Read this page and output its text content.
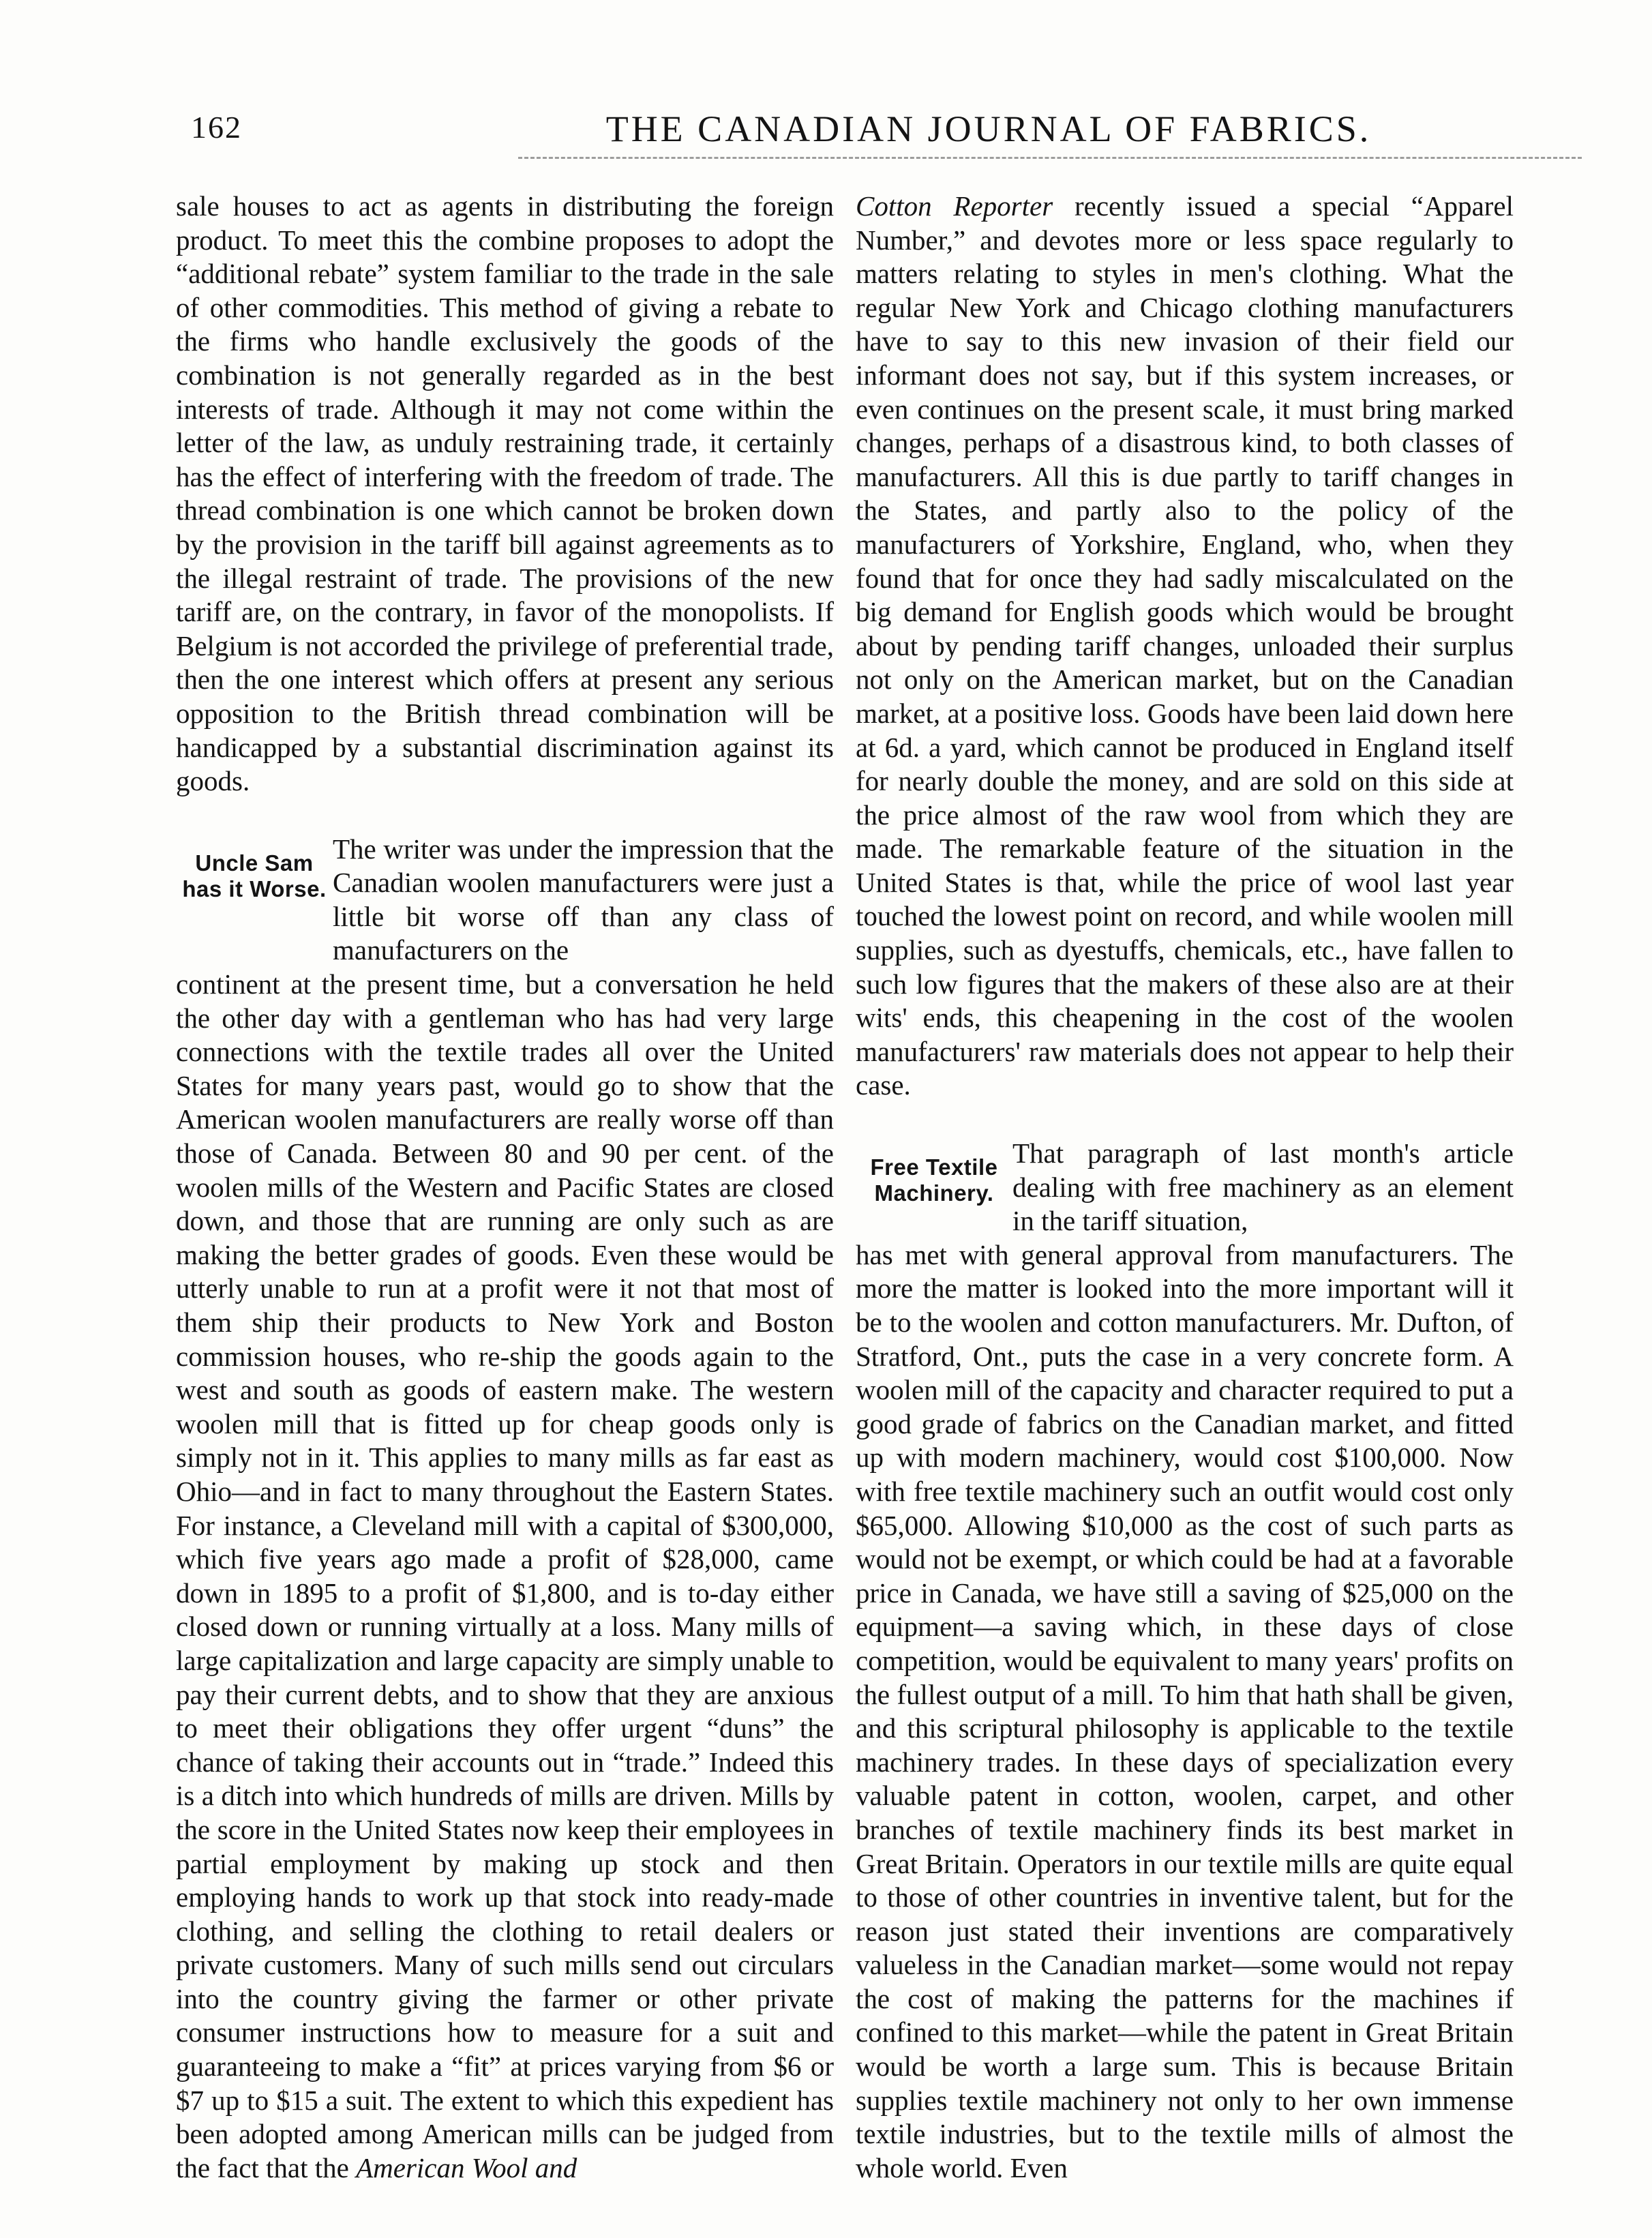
162	THE CANADIAN JOURNAL OF FABRICS.

sale houses to act as agents in distributing the foreign product. To meet this the combine proposes to adopt the “additional rebate” system familiar to the trade in the sale of other commodities. This method of giving a rebate to the firms who handle exclusively the goods of the combination is not generally regarded as in the best interests of trade. Although it may not come within the letter of the law, as unduly restraining trade, it certainly has the effect of interfering with the freedom of trade. The thread combination is one which cannot be broken down by the provision in the tariff bill against agreements as to the illegal restraint of trade. The provisions of the new tariff are, on the contrary, in favor of the monopolists. If Belgium is not accorded the privilege of preferential trade, then the one interest which offers at present any serious opposition to the British thread combination will be handicapped by a substantial discrimination against its goods.

Uncle Sam has it Worse.

The writer was under the impression that the Canadian woolen manufacturers were just a little bit worse off than any class of manufacturers on the

continent at the present time, but a conversation he held the other day with a gentleman who has had very large connections with the textile trades all over the United States for many years past, would go to show that the American woolen manufacturers are really worse off than those of Canada. Between 80 and 90 per cent. of the woolen mills of the Western and Pacific States are closed down, and those that are running are only such as are making the better grades of goods. Even these would be utterly unable to run at a profit were it not that most of them ship their products to New York and Boston commission houses, who re-ship the goods again to the west and south as goods of eastern make. The western woolen mill that is fitted up for cheap goods only is simply not in it. This applies to many mills as far east as Ohio—and in fact to many throughout the Eastern States. For instance, a Cleveland mill with a capital of $300,000, which five years ago made a profit of $28,000, came down in 1895 to a profit of $1,800, and is to-day either closed down or running virtually at a loss. Many mills of large capitalization and large capacity are simply unable to pay their current debts, and to show that they are anxious to meet their obligations they offer urgent “duns” the chance of taking their accounts out in “trade.” Indeed this is a ditch into which hundreds of mills are driven. Mills by the score in the United States now keep their employees in partial employment by making up stock and then employing hands to work up that stock into ready-made clothing, and selling the clothing to retail dealers or private customers. Many of such mills send out circulars into the country giving the farmer or other private consumer instructions how to measure for a suit and guaranteeing to make a “fit” at prices varying from $6 or $7 up to $15 a suit. The extent to which this expedient has been adopted among American mills can be judged from the fact that the American Wool and

Cotton Reporter recently issued a special “Apparel Number,” and devotes more or less space regularly to matters relating to styles in men's clothing. What the regular New York and Chicago clothing manufacturers have to say to this new invasion of their field our informant does not say, but if this system increases, or even continues on the present scale, it must bring marked changes, perhaps of a disastrous kind, to both classes of manufacturers. All this is due partly to tariff changes in the States, and partly also to the policy of the manufacturers of Yorkshire, England, who, when they found that for once they had sadly miscalculated on the big demand for English goods which would be brought about by pending tariff changes, unloaded their surplus not only on the American market, but on the Canadian market, at a positive loss. Goods have been laid down here at 6d. a yard, which cannot be produced in England itself for nearly double the money, and are sold on this side at the price almost of the raw wool from which they are made. The remarkable feature of the situation in the United States is that, while the price of wool last year touched the lowest point on record, and while woolen mill supplies, such as dyestuffs, chemicals, etc., have fallen to such low figures that the makers of these also are at their wits' ends, this cheapening in the cost of the woolen manufacturers' raw materials does not appear to help their case.

Free Textile Machinery.

That paragraph of last month's article dealing with free machinery as an element in the tariff situation,

has met with general approval from manufacturers. The more the matter is looked into the more important will it be to the woolen and cotton manufacturers. Mr. Dufton, of Stratford, Ont., puts the case in a very concrete form. A woolen mill of the capacity and character required to put a good grade of fabrics on the Canadian market, and fitted up with modern machinery, would cost $100,000. Now with free textile machinery such an outfit would cost only $65,000. Allowing $10,000 as the cost of such parts as would not be exempt, or which could be had at a favorable price in Canada, we have still a saving of $25,000 on the equipment—a saving which, in these days of close competition, would be equivalent to many years' profits on the fullest output of a mill. To him that hath shall be given, and this scriptural philosophy is applicable to the textile machinery trades. In these days of specialization every valuable patent in cotton, woolen, carpet, and other branches of textile machinery finds its best market in Great Britain. Operators in our textile mills are quite equal to those of other countries in inventive talent, but for the reason just stated their inventions are comparatively valueless in the Canadian market—some would not repay the cost of making the patterns for the machines if confined to this market—while the patent in Great Britain would be worth a large sum. This is because Britain supplies textile machinery not only to her own immense textile industries, but to the textile mills of almost the whole world. Even
